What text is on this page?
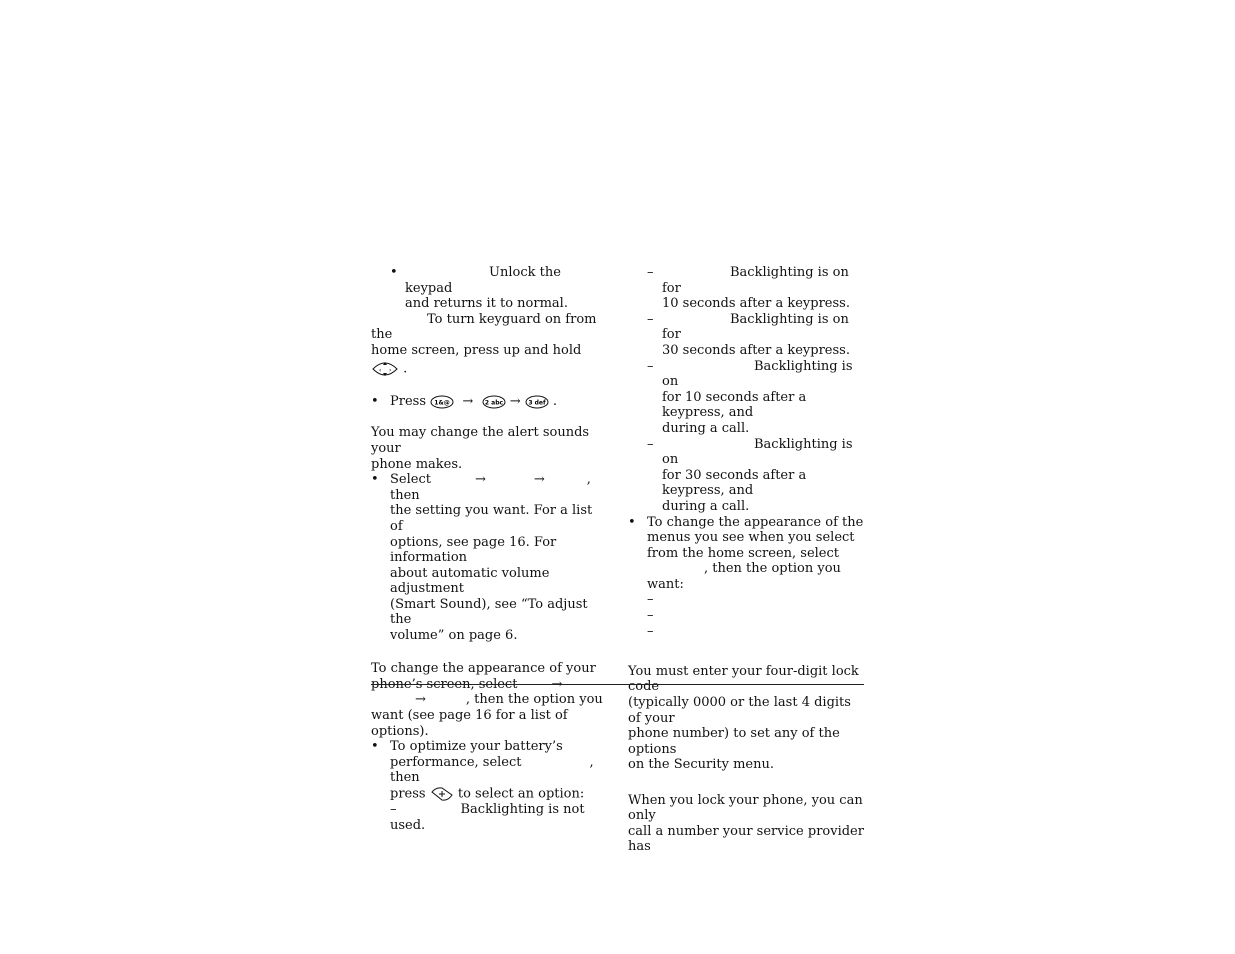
•	Unlock the keypad

and returns it to normal.

To turn keyguard on from the

home screen, press up and hold
‹ › .

• Press 1&@ → 2 abc → 3 def .

You may change the alert sounds your

phone makes.

• Select	→	→	, then

the setting you want. For a list of

options, see page 16. For information

about automatic volume adjustment

(Smart Sound), see “To adjust the

volume” on page 6.

To change the appearance of your

phone’s screen, select	→

→	, then the option you

want (see page 16 for a list of options).

• To optimize your battery’s

performance, select	, then

press to select an option:

–	Backlighting is not used.

–	Backlighting is on for

10 seconds after a keypress.

–	Backlighting is on for

30 seconds after a keypress.

–	Backlighting is on

for 10 seconds after a keypress, and

during a call.

–	Backlighting is on

for 30 seconds after a keypress, and

during a call.

• To change the appearance of the

menus you see when you select

from the home screen, select

, then the option you want:

–

–

–

You must enter your four-digit lock code

(typically 0000 or the last 4 digits of your

phone number) to set any of the options

on the Security menu.

When you lock your phone, you can only

call a number your service provider has
